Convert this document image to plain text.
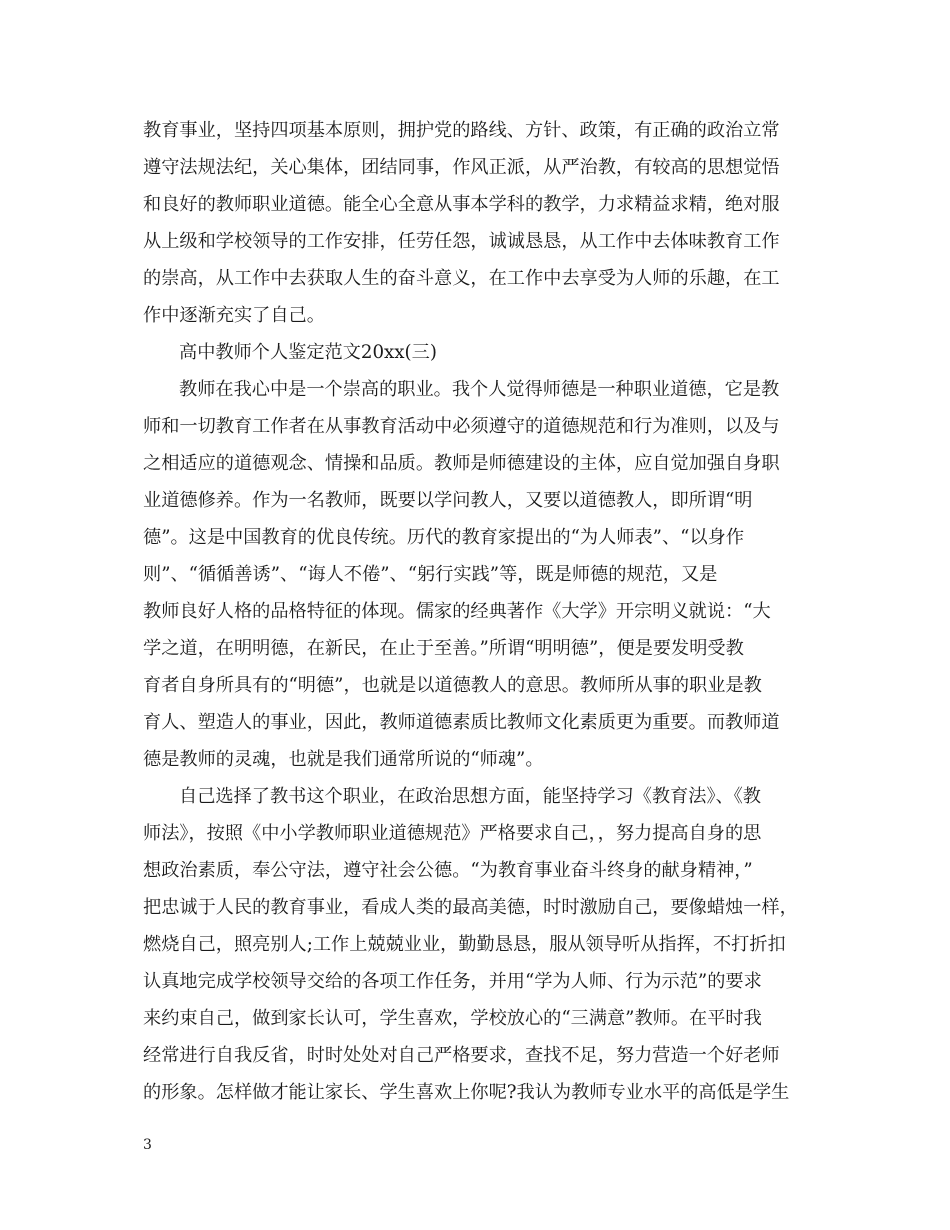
教育事业，坚持四项基本原则，拥护党的路线、方针、政策，有正确的政治立常
遵守法规法纪，关心集体，团结同事，作风正派，从严治教，有较高的思想觉悟
和良好的教师职业道德。能全心全意从事本学科的教学，力求精益求精，绝对服
从上级和学校领导的工作安排，任劳任怨，诚诚恳恳，从工作中去体味教育工作
的崇高，从工作中去获取人生的奋斗意义，在工作中去享受为人师的乐趣，在工
作中逐渐充实了自己。
高中教师个人鉴定范文20xx(三)
教师在我心中是一个崇高的职业。我个人觉得师德是一种职业道德，它是教
师和一切教育工作者在从事教育活动中必须遵守的道德规范和行为准则，以及与
之相适应的道德观念、情操和品质。教师是师德建设的主体，应自觉加强自身职
业道德修养。作为一名教师，既要以学问教人，又要以道德教人，即所谓“明
德”。这是中国教育的优良传统。历代的教育家提出的“为人师表”、“以身作
则”、“循循善诱”、“诲人不倦”、“躬行实践”等，既是师德的规范，又是
教师良好人格的品格特征的体现。儒家的经典著作《大学》开宗明义就说：“大
学之道，在明明德，在新民，在止于至善。”所谓“明明德”，便是要发明受教
育者自身所具有的“明德”，也就是以道德教人的意思。教师所从事的职业是教
育人、塑造人的事业，因此，教师道德素质比教师文化素质更为重要。而教师道
德是教师的灵魂，也就是我们通常所说的“师魂”。
自己选择了教书这个职业，在政治思想方面，能坚持学习《教育法》、《教
师法》，按照《中小学教师职业道德规范》严格要求自己，，努力提高自身的思
想政治素质，奉公守法，遵守社会公德。“为教育事业奋斗终身的献身精神，”
把忠诚于人民的教育事业，看成人类的最高美德，时时激励自己，要像蜡烛一样，
燃烧自己，照亮别人;工作上兢兢业业，勤勤恳恳，服从领导听从指挥，不打折扣
认真地完成学校领导交给的各项工作任务，并用“学为人师、行为示范”的要求
来约束自己，做到家长认可，学生喜欢，学校放心的“三满意”教师。在平时我
经常进行自我反省，时时处处对自己严格要求，查找不足，努力营造一个好老师
的形象。怎样做才能让家长、学生喜欢上你呢?我认为教师专业水平的高低是学生
3
